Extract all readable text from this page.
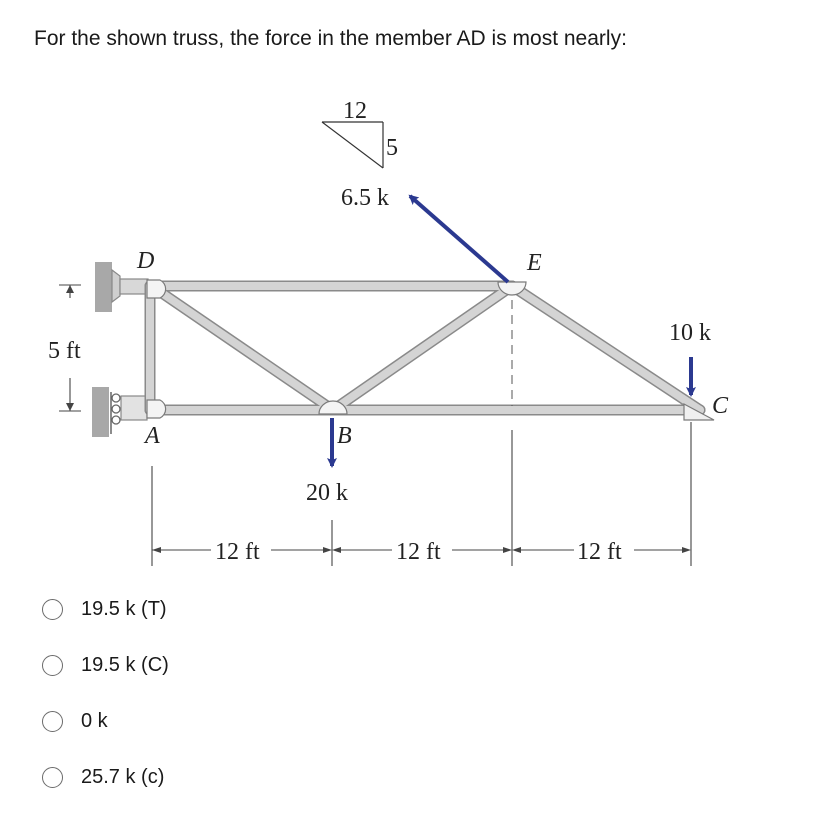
For the shown truss, the force in the member AD is most nearly:
12
5
6.5 k
20 k
10 k
D
A	B
E
C
5 ft
12 ft	12 ft	12 ft
19.5 k (T)
19.5 k (C)
0 k
25.7 k (c)
